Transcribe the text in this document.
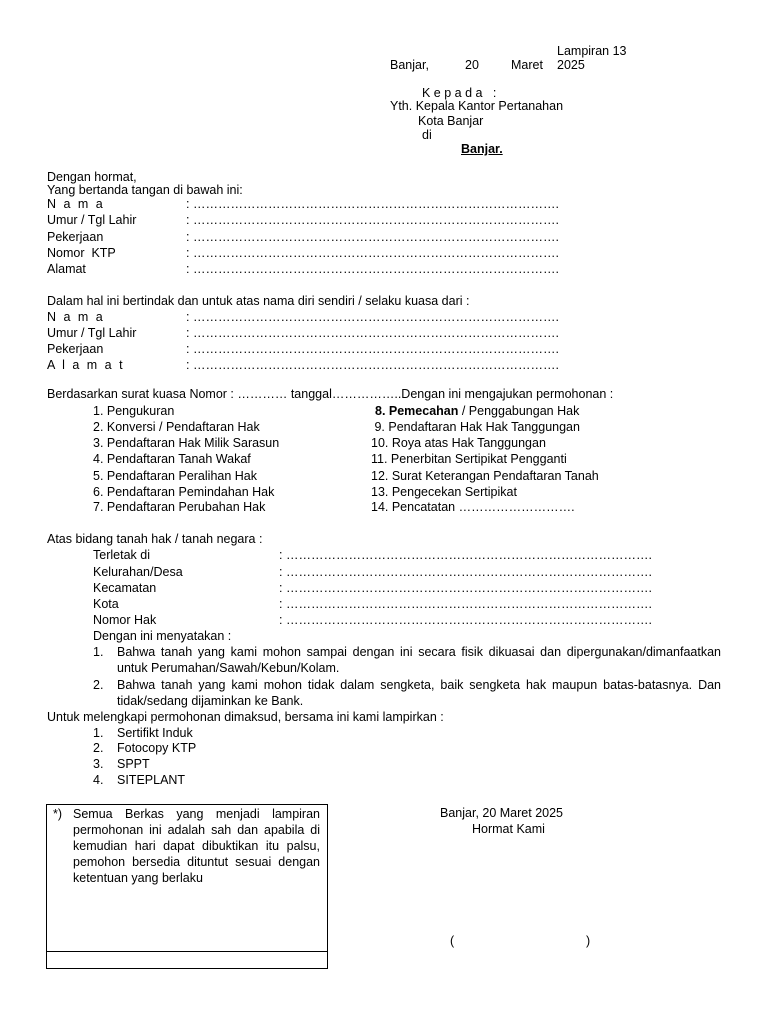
Lampiran 13
Banjar,	20	Maret 2025
K e p a d a   :
Yth. Kepala Kantor Pertanahan
Kota Banjar
di
Banjar.
Dengan hormat,
Yang bertanda tangan di bawah ini:
N a m a	: …………………………………………………………………………….
Umur / Tgl Lahir	: …………………………………………………………………………….
Pekerjaan	: …………………………………………………………………………….
Nomor  KTP	: …………………………………………………………………………….
Alamat	: …………………………………………………………………………….
Dalam hal ini bertindak dan untuk atas nama diri sendiri / selaku kuasa dari :
N a m a	: …………………………………………………………………………….
Umur / Tgl Lahir	: …………………………………………………………………………….
Pekerjaan	: …………………………………………………………………………….
A l a m a t	: …………………………………………………………………………….
Berdasarkan surat kuasa Nomor : ………… tanggal……………..Dengan ini mengajukan permohonan :
1. Pengukuran
2. Konversi / Pendaftaran Hak
3. Pendaftaran Hak Milik Sarasun
4. Pendaftaran Tanah Wakaf
5. Pendaftaran Peralihan Hak
6. Pendaftaran Pemindahan Hak
7. Pendaftaran Perubahan Hak
8. Pemecahan / Penggabungan Hak
9. Pendaftaran Hak Hak Tanggungan
10. Roya atas Hak Tanggungan
11. Penerbitan Sertipikat Pengganti
12. Surat Keterangan Pendaftaran Tanah
13. Pengecekan Sertipikat
14. Pencatatan ……………………….
Atas bidang tanah hak / tanah negara :
Terletak di	: …………………………………………………………………………….
Kelurahan/Desa	: …………………………………………………………………………….
Kecamatan	: …………………………………………………………………………….
Kota	: …………………………………………………………………………….
Nomor Hak	: …………………………………………………………………………….
Dengan ini menyatakan :
1. Bahwa tanah yang kami mohon sampai dengan ini secara fisik dikuasai dan dipergunakan/dimanfaatkan untuk Perumahan/Sawah/Kebun/Kolam.
2. Bahwa tanah yang kami mohon tidak dalam sengketa, baik sengketa hak maupun batas-batasnya. Dan tidak/sedang dijaminkan ke Bank.
Untuk melengkapi permohonan dimaksud, bersama ini kami lampirkan :
1. Sertifikt Induk
2. Fotocopy KTP
3. SPPT
4. SITEPLANT
*) Semua Berkas yang menjadi lampiran permohonan ini adalah sah dan apabila di kemudian hari dapat dibuktikan itu palsu, pemohon bersedia dituntut sesuai dengan ketentuan yang berlaku
Banjar, 20 Maret 2025
Hormat Kami
(	)
